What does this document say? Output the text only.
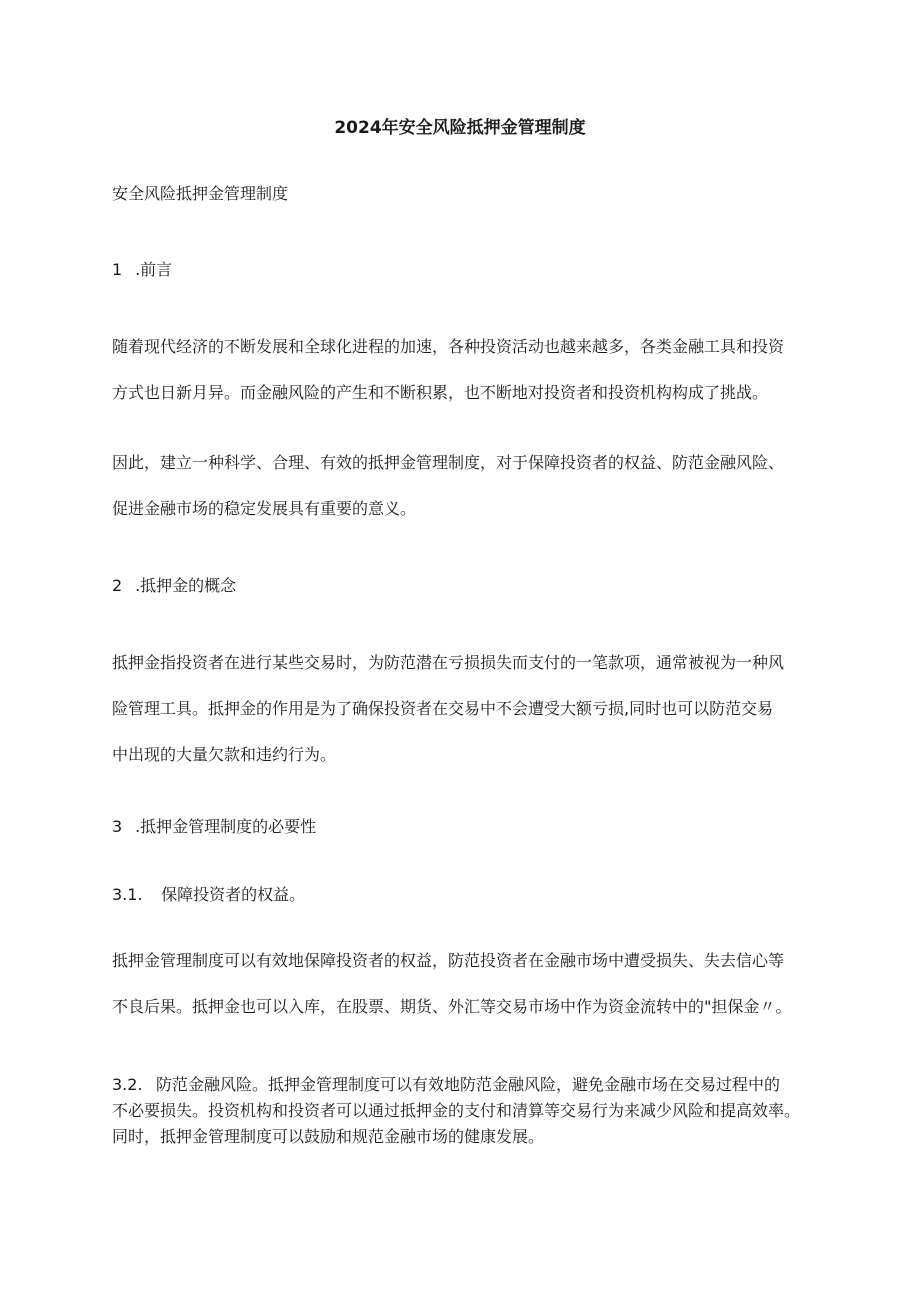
2024年安全风险抵押金管理制度
安全风险抵押金管理制度
1 .前言
随着现代经济的不断发展和全球化进程的加速，各种投资活动也越来越多，各类金融工具和投资
方式也日新月异。而金融风险的产生和不断积累，也不断地对投资者和投资机构构成了挑战。
因此，建立一种科学、合理、有效的抵押金管理制度，对于保障投资者的权益、防范金融风险、
促进金融市场的稳定发展具有重要的意义。
2 .抵押金的概念
抵押金指投资者在进行某些交易时，为防范潜在亏损损失而支付的一笔款项，通常被视为一种风
险管理工具。抵押金的作用是为了确保投资者在交易中不会遭受大额亏损,同时也可以防范交易
中出现的大量欠款和违约行为。
3 .抵押金管理制度的必要性
3.1. 保障投资者的权益。
抵押金管理制度可以有效地保障投资者的权益，防范投资者在金融市场中遭受损失、失去信心等
不良后果。抵押金也可以入库，在股票、期货、外汇等交易市场中作为资金流转中的"担保金〃。
3.2. 防范金融风险。抵押金管理制度可以有效地防范金融风险，避免金融市场在交易过程中的
不必要损失。投资机构和投资者可以通过抵押金的支付和清算等交易行为来减少风险和提高效率。
同时，抵押金管理制度可以鼓励和规范金融市场的健康发展。
